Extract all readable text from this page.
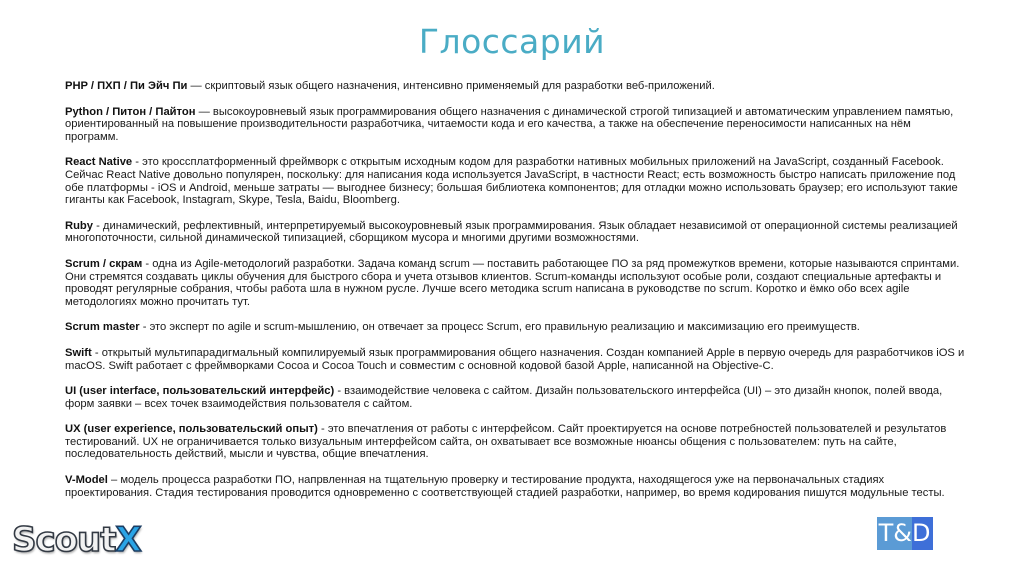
Глоссарий

PHP / ПХП / Пи Эйч Пи — скриптовый язык общего назначения, интенсивно применяемый для разработки веб-приложений.

Python / Питон / Пайтон — высокоуровневый язык программирования общего назначения с динамической строгой типизацией и автоматическим управлением памятью, ориентированный на повышение производительности разработчика, читаемости кода и его качества, а также на обеспечение переносимости написанных на нём программ.

React Native - это кроссплатформенный фреймворк с открытым исходным кодом для разработки нативных мобильных приложений на JavaScript, созданный Facebook. Сейчас React Native довольно популярен, поскольку: для написания кода используется JavaScript, в частности React; есть возможность быстро написать приложение под обе платформы - iOS и Android, меньше затраты — выгоднее бизнесу; большая библиотека компонентов; для отладки можно использовать браузер; его используют такие гиганты как Facebook, Instagram, Skype, Tesla, Baidu, Bloomberg.

Ruby - динамический, рефлективный, интерпретируемый высокоуровневый язык программирования. Язык обладает независимой от операционной системы реализацией многопоточности, сильной динамической типизацией, сборщиком мусора и многими другими возможностями.

Scrum / скрам - одна из Agile-методологий разработки. Задача команд scrum — поставить работающее ПО за ряд промежутков времени, которые называются спринтами. Они стремятся создавать циклы обучения для быстрого сбора и учета отзывов клиентов. Scrum-команды используют особые роли, создают специальные артефакты и проводят регулярные собрания, чтобы работа шла в нужном русле. Лучше всего методика scrum написана в руководстве по scrum. Коротко и ёмко обо всех agile методологиях можно прочитать тут.

Scrum master - это эксперт по agile и scrum-мышлению, он отвечает за процесс Scrum, его правильную реализацию и максимизацию его преимуществ.

Swift - открытый мультипарадигмальный компилируемый язык программирования общего назначения. Создан компанией Apple в первую очередь для разработчиков iOS и macOS. Swift работает с фреймворками Cocoa и Cocoa Touch и совместим с основной кодовой базой Apple, написанной на Objective-C.

UI (user interface, пользовательский интерфейс) - взаимодействие человека с сайтом. Дизайн пользовательского интерфейса (UI) – это дизайн кнопок, полей ввода, форм заявки – всех точек взаимодействия пользователя с сайтом.

UX (user experience, пользовательский опыт) - это впечатления от работы с интерфейсом. Сайт проектируется на основе потребностей пользователей и результатов тестирований. UX не ограничивается только визуальным интерфейсом сайта, он охватывает все возможные нюансы общения с пользователем: путь на сайте, последовательность действий, мысли и чувства, общие впечатления.

V-Model – модель процесса разработки ПО, напрвленная на тщательную проверку и тестирование продукта, находящегося уже на первоначальных стадиях проектирования. Стадия тестирования проводится одновременно с соответствующей стадией разработки, например, во время кодирования пишутся модульные тесты.

Scout X	T& D
